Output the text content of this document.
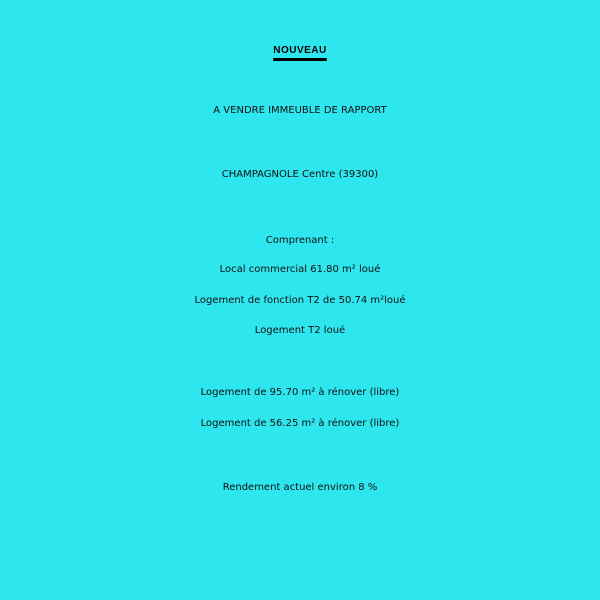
NOUVEAU
A VENDRE IMMEUBLE DE RAPPORT
CHAMPAGNOLE Centre (39300)
Comprenant :
Local commercial 61.80 m² loué
Logement de fonction T2 de 50.74 m²loué
Logement T2 loué
Logement de 95.70 m² à rénover (libre)
Logement de 56.25 m² à rénover (libre)
Rendement actuel environ 8 %
